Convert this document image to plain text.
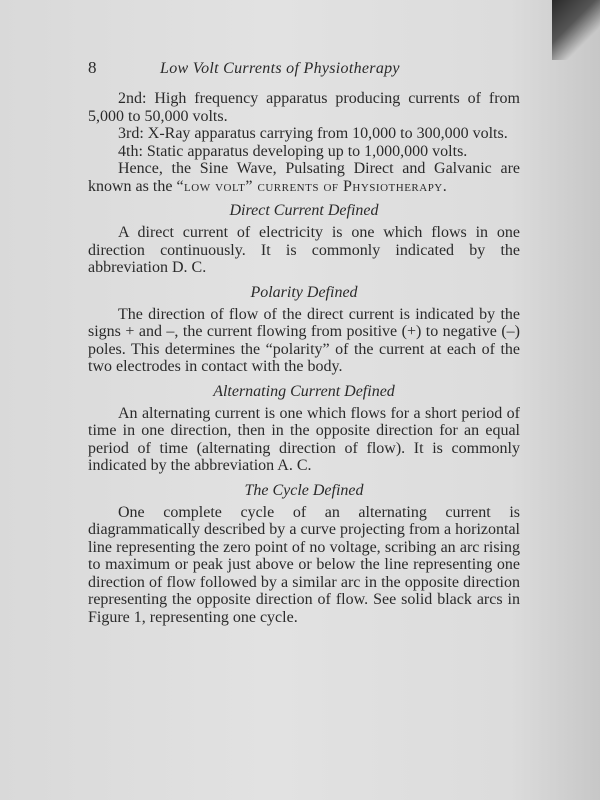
8	Low Volt Currents of Physiotherapy

2nd: High frequency apparatus producing currents of from 5,000 to 50,000 volts.

3rd: X-Ray apparatus carrying from 10,000 to 300,000 volts.

4th: Static apparatus developing up to 1,000,000 volts.

Hence, the Sine Wave, Pulsating Direct and Galvanic are known as the “low volt” currents of Physiotherapy.

Direct Current Defined

A direct current of electricity is one which flows in one direction continuously. It is commonly indicated by the abbreviation D. C.

Polarity Defined

The direction of flow of the direct current is indicated by the signs + and –, the current flowing from positive (+) to negative (–) poles. This determines the “polarity” of the current at each of the two electrodes in contact with the body.

Alternating Current Defined

An alternating current is one which flows for a short period of time in one direction, then in the opposite direction for an equal period of time (alternating direction of flow). It is commonly indicated by the abbreviation A. C.

The Cycle Defined

One complete cycle of an alternating current is diagrammatically described by a curve projecting from a horizontal line representing the zero point of no voltage, scribing an arc rising to maximum or peak just above or below the line representing one direction of flow followed by a similar arc in the opposite direction representing the opposite direction of flow. See solid black arcs in Figure 1, representing one cycle.
